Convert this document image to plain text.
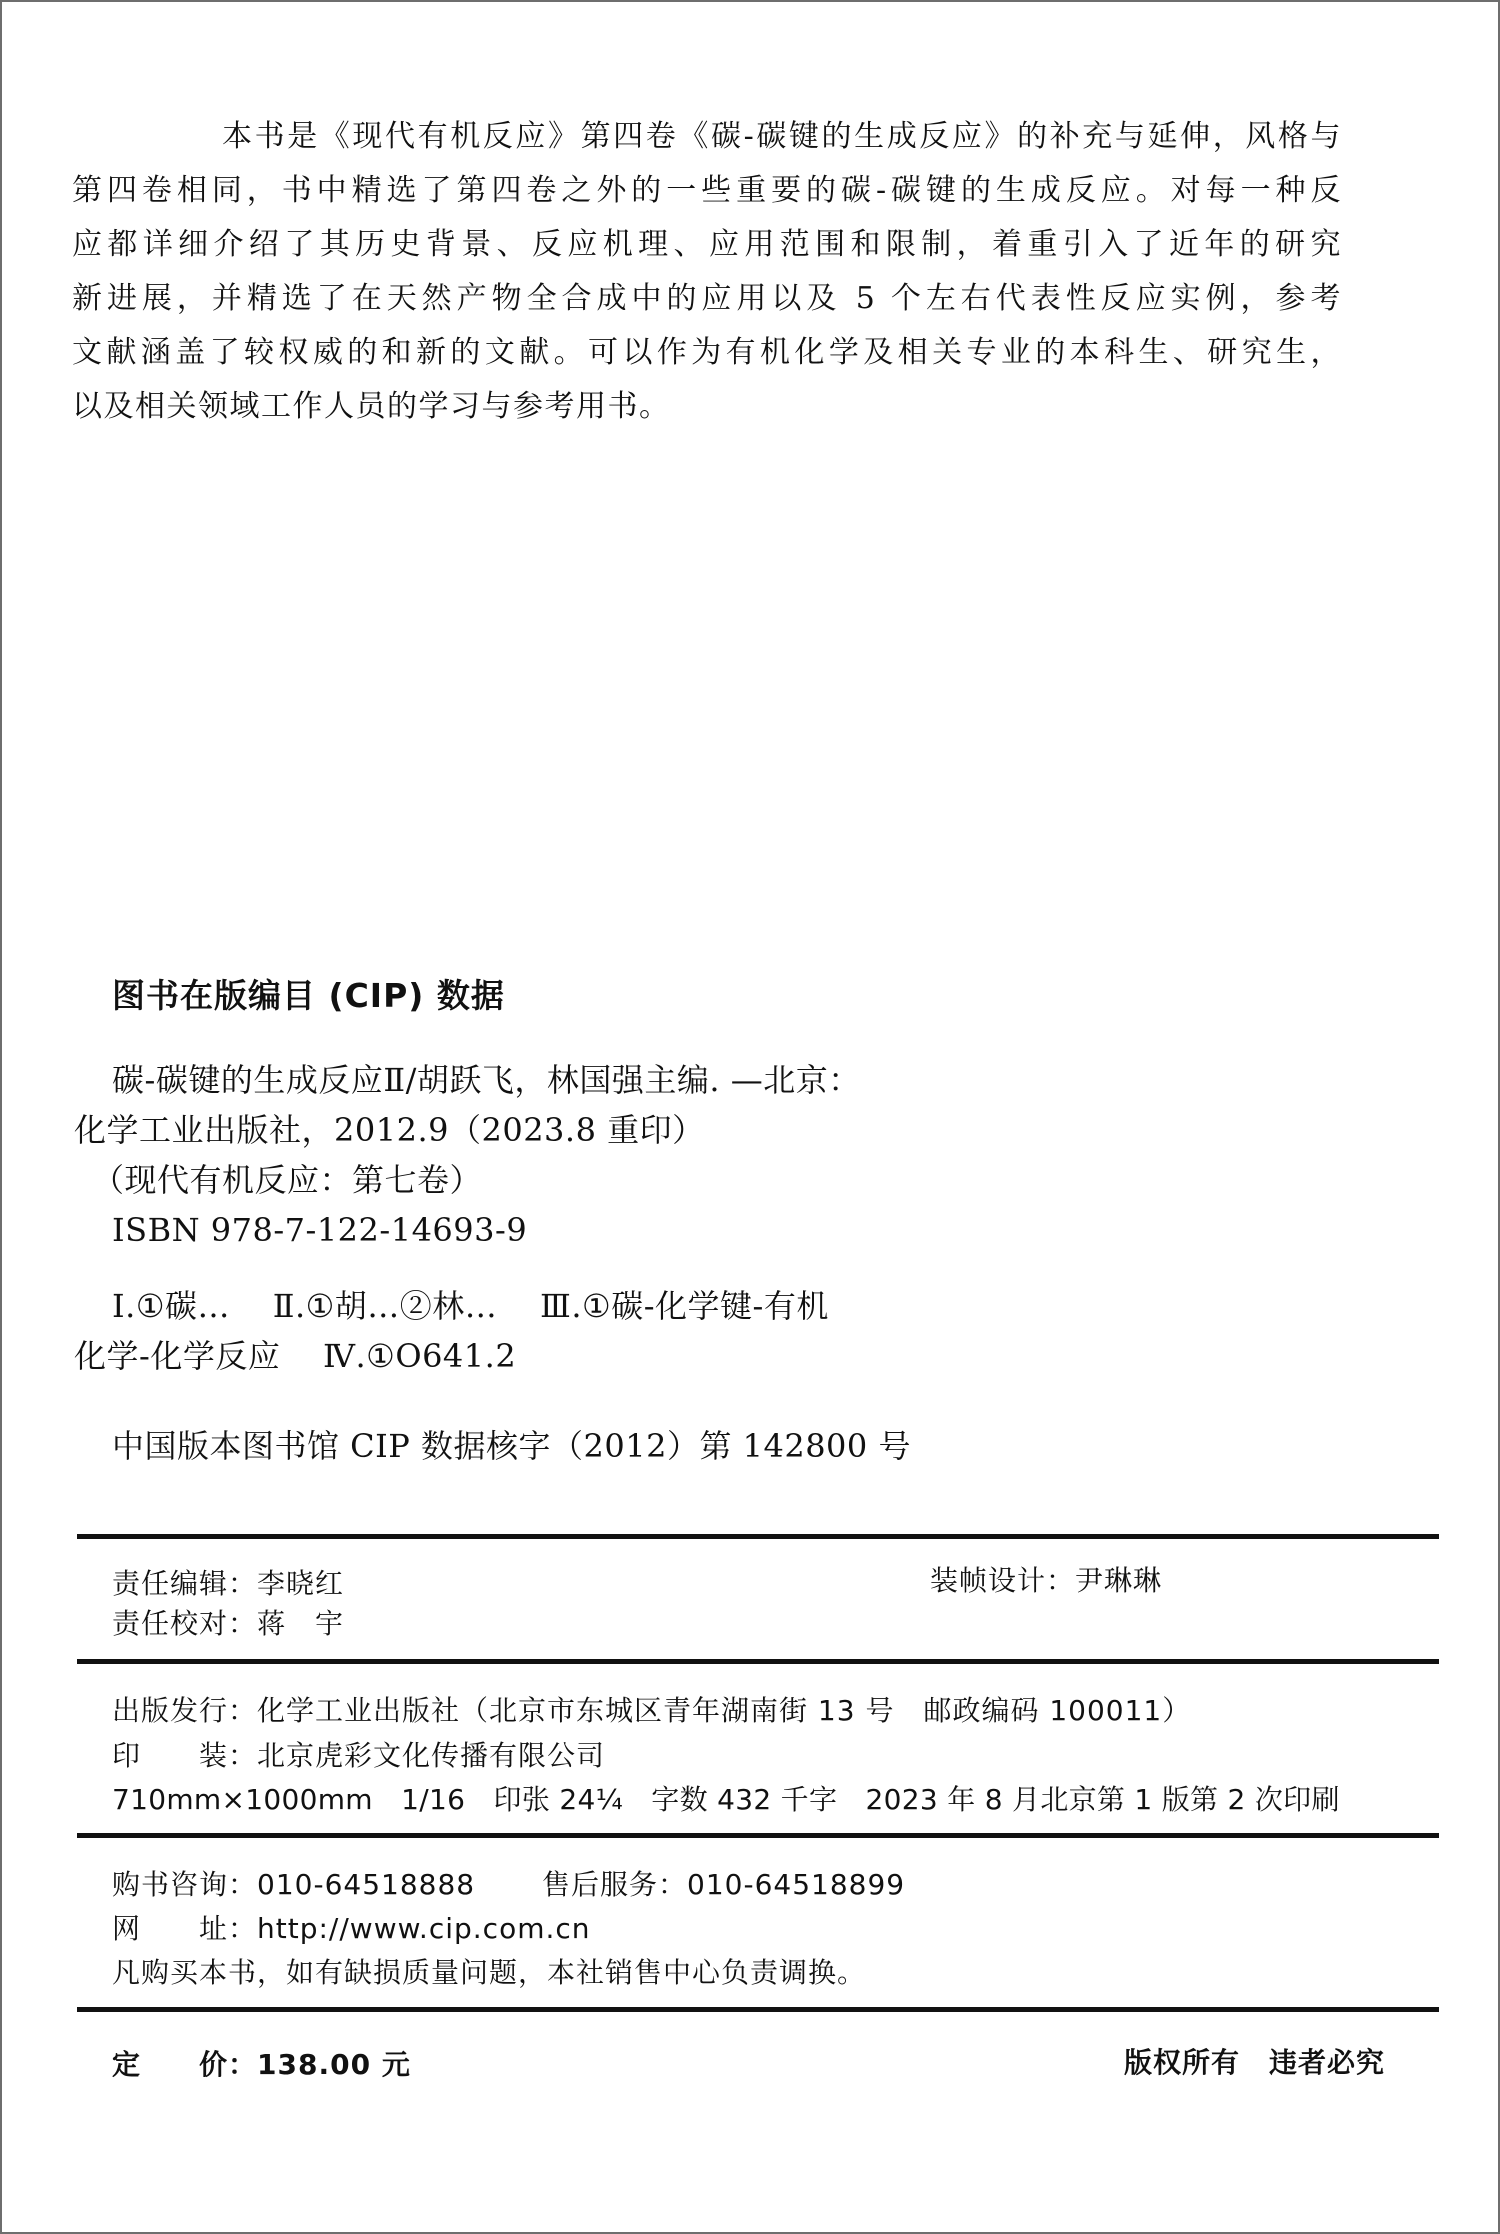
本书是《现代有机反应》第四卷《碳-碳键的生成反应》的补充与延伸，风格与
第四卷相同，书中精选了第四卷之外的一些重要的碳-碳键的生成反应。对每一种反
应都详细介绍了其历史背景、反应机理、应用范围和限制，着重引入了近年的研究
新进展，并精选了在天然产物全合成中的应用以及 5 个左右代表性反应实例，参考
文献涵盖了较权威的和新的文献。可以作为有机化学及相关专业的本科生、研究生，
以及相关领域工作人员的学习与参考用书。
图书在版编目 (CIP) 数据
碳-碳键的生成反应Ⅱ/胡跃飞，林国强主编. —北京：
化学工业出版社，2012.9（2023.8 重印）
（现代有机反应：第七卷）
ISBN 978-7-122-14693-9
Ⅰ.①碳…    Ⅱ.①胡…②林…    Ⅲ.①碳-化学键-有机
化学-化学反应    Ⅳ.①O641.2
中国版本图书馆 CIP 数据核字（2012）第 142800 号
责任编辑：李晓红
责任校对：蒋　宇
装帧设计：尹琳琳
出版发行：化学工业出版社（北京市东城区青年湖南街 13 号　邮政编码 100011）
印　　装：北京虎彩文化传播有限公司
710mm×1000mm　1/16　印张 24¼　字数 432 千字　2023 年 8 月北京第 1 版第 2 次印刷
购书咨询：010-64518888 售后服务：010-64518899
网　　址：http://www.cip.com.cn
凡购买本书，如有缺损质量问题，本社销售中心负责调换。
定　　价：138.00 元	版权所有　违者必究
